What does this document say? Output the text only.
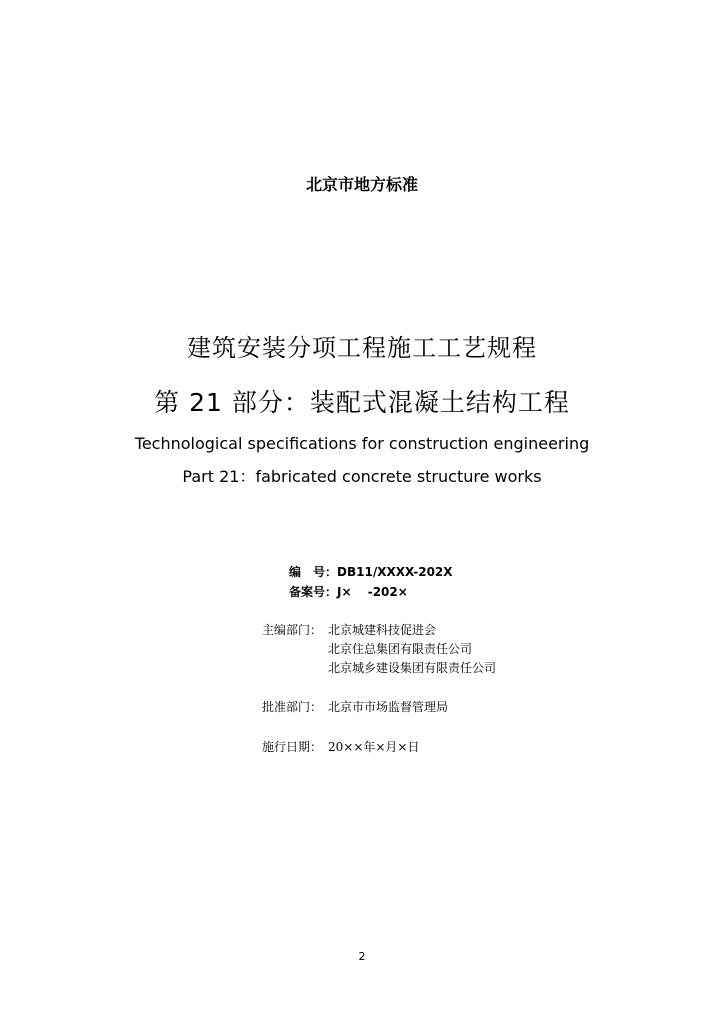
北京市地方标准
建筑安装分项工程施工工艺规程
第 21 部分：装配式混凝土结构工程
Technological specifications for construction engineering
Part 21：fabricated concrete structure works
编　号：DB11/XXXX-202X
备案号：J×　 -202×
主编部门： 北京城建科技促进会
北京住总集团有限责任公司
北京城乡建设集团有限责任公司
批准部门： 北京市市场监督管理局
施行日期： 20××年×月×日
2
